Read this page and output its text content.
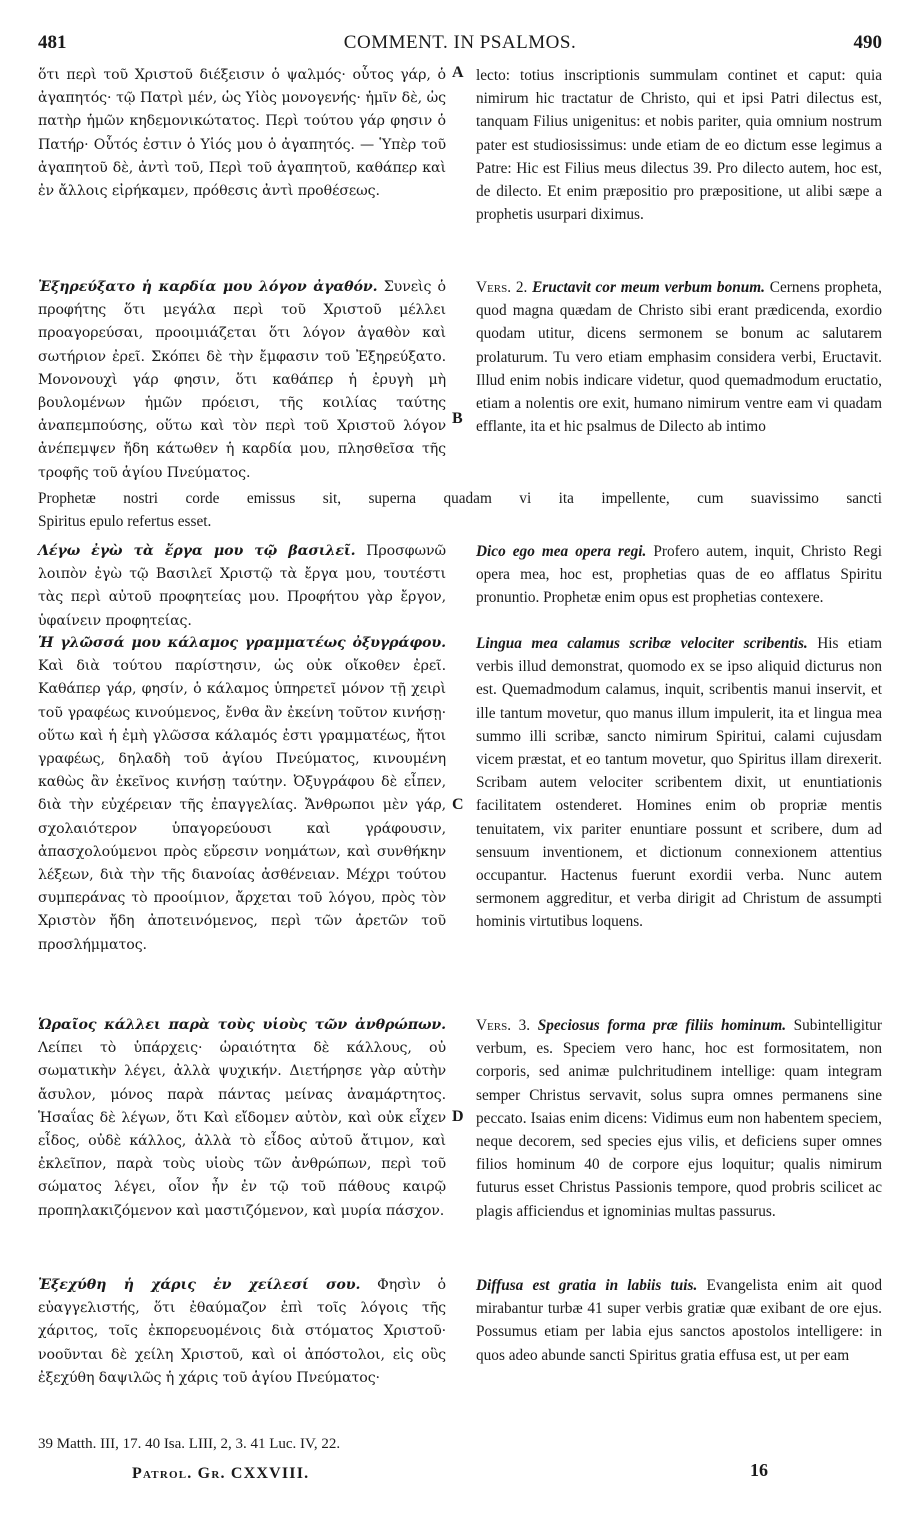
481	COMMENT. IN PSALMOS.	490

ὅτι περὶ τοῦ Χριστοῦ διέξεισιν ὁ ψαλμός· οὗτος γάρ, ὁ ἀγαπητός· τῷ Πατρὶ μέν, ὡς Υἱὸς μονογενής· ἡμῖν δὲ, ὡς πατὴρ ἡμῶν κηδεμονικώτατος. Περὶ τούτου γάρ φησιν ὁ Πατήρ· Οὗτός ἐστιν ὁ Υἱός μου ὁ ἀγαπητός. — Ὑπὲρ τοῦ ἀγαπητοῦ δὲ, ἀντὶ τοῦ, Περὶ τοῦ ἀγαπητοῦ, καθάπερ καὶ ἐν ἄλλοις εἰρήκαμεν, πρόθεσις ἀντὶ προθέσεως.

Ἐξηρεύξατο ἡ καρδία μου λόγον ἀγαθόν. Συνεὶς ὁ προφήτης ὅτι μεγάλα περὶ τοῦ Χριστοῦ μέλλει προαγορεύσαι, προοιμιάζεται ὅτι λόγον ἀγαθὸν καὶ σωτήριον ἐρεῖ. Σκόπει δὲ τὴν ἔμφασιν τοῦ Ἐξηρεύξατο. Μονονουχὶ γάρ φησιν, ὅτι καθάπερ ἡ ἐρυγὴ μὴ βουλομένων ἡμῶν πρόεισι, τῆς κοιλίας ταύτης ἀναπεμπούσης, οὕτω καὶ τὸν περὶ τοῦ Χριστοῦ λόγον ἀνέπεμψεν ἤδη κάτωθεν ἡ καρδία μου, πλησθεῖσα τῆς τροφῆς τοῦ ἁγίου Πνεύματος.

Λέγω ἐγὼ τὰ ἔργα μου τῷ βασιλεῖ. Προσφωνῶ λοιπὸν ἐγὼ τῷ Βασιλεῖ Χριστῷ τὰ ἔργα μου, τουτέστι τὰς περὶ αὐτοῦ προφητείας μου. Προφήτου γὰρ ἔργον, ὑφαίνειν προφητείας.

Ἡ γλῶσσά μου κάλαμος γραμματέως ὀξυγράφου. Καὶ διὰ τούτου παρίστησιν, ὡς οὐκ οἴκοθεν ἐρεῖ. Καθάπερ γάρ, φησίν, ὁ κάλαμος ὑπηρετεῖ μόνον τῇ χειρὶ τοῦ γραφέως κινούμενος, ἔνθα ἂν ἐκείνη τοῦτον κινήσῃ· οὕτω καὶ ἡ ἐμὴ γλῶσσα κάλαμός ἐστι γραμματέως, ἤτοι γραφέως, δηλαδὴ τοῦ ἁγίου Πνεύματος, κινουμένη καθὼς ἂν ἐκεῖνος κινήσῃ ταύτην. Ὀξυγράφου δὲ εἶπεν, διὰ τὴν εὐχέρειαν τῆς ἐπαγγελίας. Ἄνθρωποι μὲν γάρ, σχολαιότερον ὑπαγορεύουσι καὶ γράφουσιν, ἀπασχολούμενοι πρὸς εὕρεσιν νοημάτων, καὶ συνθήκην λέξεων, διὰ τὴν τῆς διανοίας ἀσθένειαν. Μέχρι τούτου συμπεράνας τὸ προοίμιον, ἄρχεται τοῦ λόγου, πρὸς τὸν Χριστὸν ἤδη ἀποτεινόμενος, περὶ τῶν ἀρετῶν τοῦ προσλήμματος.

Ὡραῖος κάλλει παρὰ τοὺς υἱοὺς τῶν ἀνθρώπων. Λείπει τὸ ὑπάρχεις· ὡραιότητα δὲ κάλλους, οὐ σωματικὴν λέγει, ἀλλὰ ψυχικήν. Διετήρησε γὰρ αὐτὴν ἄσυλον, μόνος παρὰ πάντας μείνας ἀναμάρτητος. Ἡσαΐας δὲ λέγων, ὅτι Καὶ εἴδομεν αὐτὸν, καὶ οὐκ εἶχεν εἶδος, οὐδὲ κάλλος, ἀλλὰ τὸ εἶδος αὐτοῦ ἄτιμον, καὶ ἐκλεῖπον, παρὰ τοὺς υἱοὺς τῶν ἀνθρώπων, περὶ τοῦ σώματος λέγει, οἷον ἦν ἐν τῷ τοῦ πάθους καιρῷ προπηλακιζόμενον καὶ μαστιζόμενον, καὶ μυρία πάσχον.

Ἐξεχύθη ἡ χάρις ἐν χείλεσί σου. Φησὶν ὁ εὐαγγελιστής, ὅτι ἐθαύμαζον ἐπὶ τοῖς λόγοις τῆς χάριτος, τοῖς ἐκπορευομένοις διὰ στόματος Χριστοῦ· νοοῦνται δὲ χείλη Χριστοῦ, καὶ οἱ ἀπόστολοι, εἰς οὓς ἐξεχύθη δαψιλῶς ἡ χάρις τοῦ ἁγίου Πνεύματος·

lecto: totius inscriptionis summulam continet et caput: quia nimirum hic tractatur de Christo, qui et ipsi Patri dilectus est, tanquam Filius unigenitus: et nobis pariter, quia omnium nostrum pater est studiosissimus: unde etiam de eo dictum esse legimus a Patre: Hic est Filius meus dilectus 39. Pro dilecto autem, hoc est, de dilecto. Et enim præpositio pro præpositione, ut alibi sæpe a prophetis usurpari diximus.

Vers. 2. Eructavit cor meum verbum bonum. Cernens propheta, quod magna quædam de Christo sibi erant prædicenda, exordio quodam utitur, dicens sermonem se bonum ac salutarem prolaturum. Tu vero etiam emphasim considera verbi, Eructavit. Illud enim nobis indicare videtur, quod quemadmodum eructatio, etiam a nolentis ore exit, humano nimirum ventre eam vi quadam efflante, ita et hic psalmus de Dilecto ab intimo

Dico ego mea opera regi. Profero autem, inquit, Christo Regi opera mea, hoc est, prophetias quas de eo afflatus Spiritu pronuntio. Prophetæ enim opus est prophetias contexere.

Lingua mea calamus scribæ velociter scribentis. His etiam verbis illud demonstrat, quomodo ex se ipso aliquid dicturus non est. Quemadmodum calamus, inquit, scribentis manui inservit, et ille tantum movetur, quo manus illum impulerit, ita et lingua mea summo illi scribæ, sancto nimirum Spiritui, calami cujusdam vicem præstat, et eo tantum movetur, quo Spiritus illam direxerit. Scribam autem velociter scribentem dixit, ut enuntiationis facilitatem ostenderet. Homines enim ob propriæ mentis tenuitatem, vix pariter enuntiare possunt et scribere, dum ad sensuum inventionem, et dictionum connexionem attentius occupantur. Hactenus fuerunt exordii verba. Nunc autem sermonem aggreditur, et verba dirigit ad Christum de assumpti hominis virtutibus loquens.

Vers. 3. Speciosus forma præ filiis hominum. Subintelligitur verbum, es. Speciem vero hanc, hoc est formositatem, non corporis, sed animæ pulchritudinem intellige: quam integram semper Christus servavit, solus supra omnes permanens sine peccato. Isaias enim dicens: Vidimus eum non habentem speciem, neque decorem, sed species ejus vilis, et deficiens super omnes filios hominum 40 de corpore ejus loquitur; qualis nimirum futurus esset Christus Passionis tempore, quod probris scilicet ac plagis afficiendus et ignominias multas passurus.

Diffusa est gratia in labiis tuis. Evangelista enim ait quod mirabantur turbæ 41 super verbis gratiæ quæ exibant de ore ejus. Possumus etiam per labia ejus sanctos apostolos intelligere: in quos adeo abunde sancti Spiritus gratia effusa est, ut per eam

Prophetæ nostri corde emissus sit, superna quadam vi ita impellente, cum suavissimo sancti
Spiritus epulo refertus esset.
A
B
C
D
39 Matth. III, 17. 40 Isa. LIII, 2, 3. 41 Luc. IV, 22.
Patrol. Gr. CXXVIII.	16
